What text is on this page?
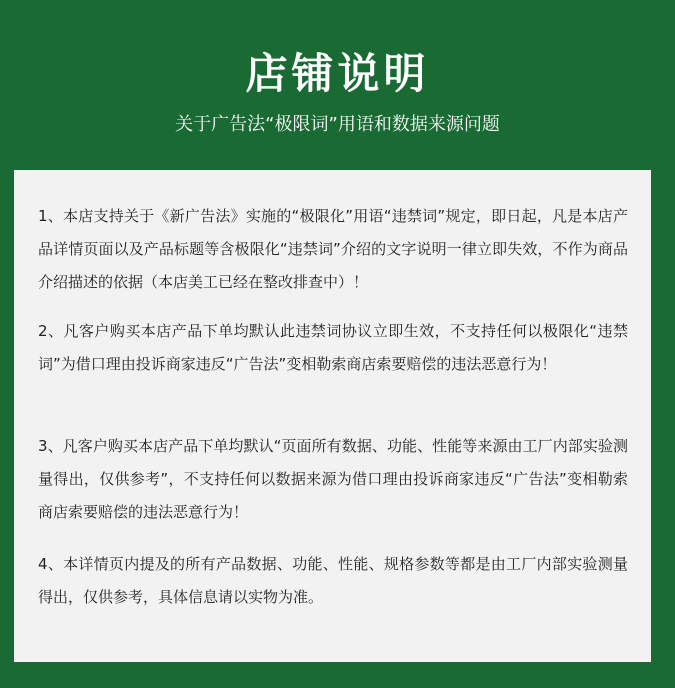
店铺说明
关于广告法“极限词”用语和数据来源问题
1、本店支持关于《新广告法》实施的“极限化”用语“违禁词”规定，即日起，凡是本店产品详情页面以及产品标题等含极限化“违禁词”介绍的文字说明一律立即失效，不作为商品介绍描述的依据（本店美工已经在整改排查中）！
2、凡客户购买本店产品下单均默认此违禁词协议立即生效，不支持任何以极限化“违禁词”为借口理由投诉商家违反“广告法”变相勒索商店索要赔偿的违法恶意行为！
3、凡客户购买本店产品下单均默认“页面所有数据、功能、性能等来源由工厂内部实验测量得出，仅供参考”，不支持任何以数据来源为借口理由投诉商家违反“广告法”变相勒索商店索要赔偿的违法恶意行为！
4、本详情页内提及的所有产品数据、功能、性能、规格参数等都是由工厂内部实验测量得出，仅供参考，具体信息请以实物为准。
